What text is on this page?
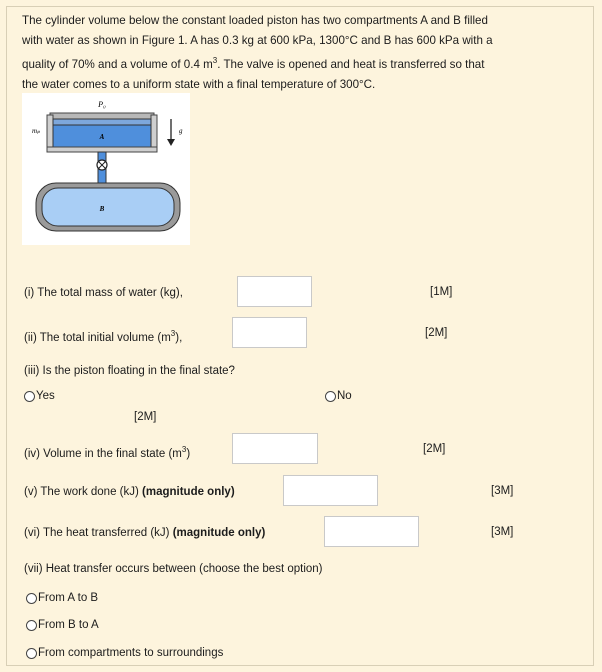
The cylinder volume below the constant loaded piston has two compartments A and B filled
with water as shown in Figure 1. A has 0.3 kg at 600 kPa, 1300°C and B has 600 kPa with a
quality of 70% and a volume of 0.4 $m^3$. The valve is opened and heat is transferred so that
the water comes to a uniform state with a final temperature of 300°C.
P₀
mₚ	g
A
B
(i) The total mass of water (kg),	[1M]
(ii) The total initial volume $(m^3)$,	[2M]
(iii) Is the piston floating in the final state?
Yes	No
[2M]
(iv) Volume in the final state $(m^3)$	[2M]
(v) The work done (kJ) (magnitude only)	[3M]
(vi) The heat transferred (kJ) (magnitude only)	[3M]
(vii) Heat transfer occurs between (choose the best option)
From A to B
From B to A
From compartments to surroundings
